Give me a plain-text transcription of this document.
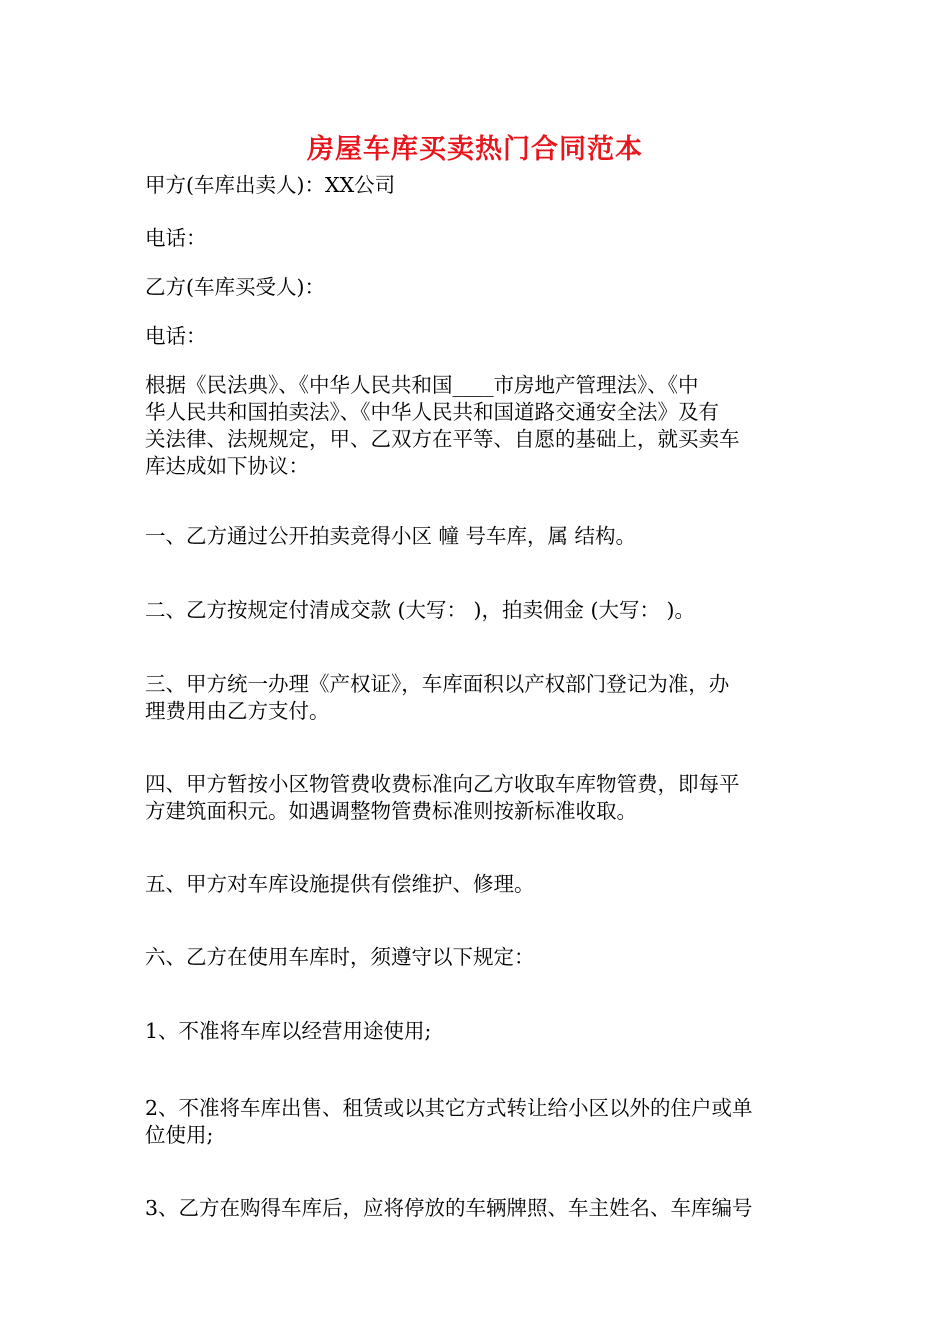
房屋车库买卖热门合同范本
甲方(车库出卖人)：XX公司
电话：
乙方(车库买受人)：
电话：
根据《民法典》、《中华人民共和国____市房地产管理法》、《中
华人民共和国拍卖法》、《中华人民共和国道路交通安全法》及有
关法律、法规规定，甲、乙双方在平等、自愿的基础上，就买卖车
库达成如下协议：
一、乙方通过公开拍卖竞得小区 幢 号车库，属 结构。
二、乙方按规定付清成交款 (大写： )，拍卖佣金 (大写： )。
三、甲方统一办理《产权证》，车库面积以产权部门登记为准，办
理费用由乙方支付。
四、甲方暂按小区物管费收费标准向乙方收取车库物管费，即每平
方建筑面积元。如遇调整物管费标准则按新标准收取。
五、甲方对车库设施提供有偿维护、修理。
六、乙方在使用车库时，须遵守以下规定：
1、不准将车库以经营用途使用;
2、不准将车库出售、租赁或以其它方式转让给小区以外的住户或单
位使用;
3、乙方在购得车库后，应将停放的车辆牌照、车主姓名、车库编号
